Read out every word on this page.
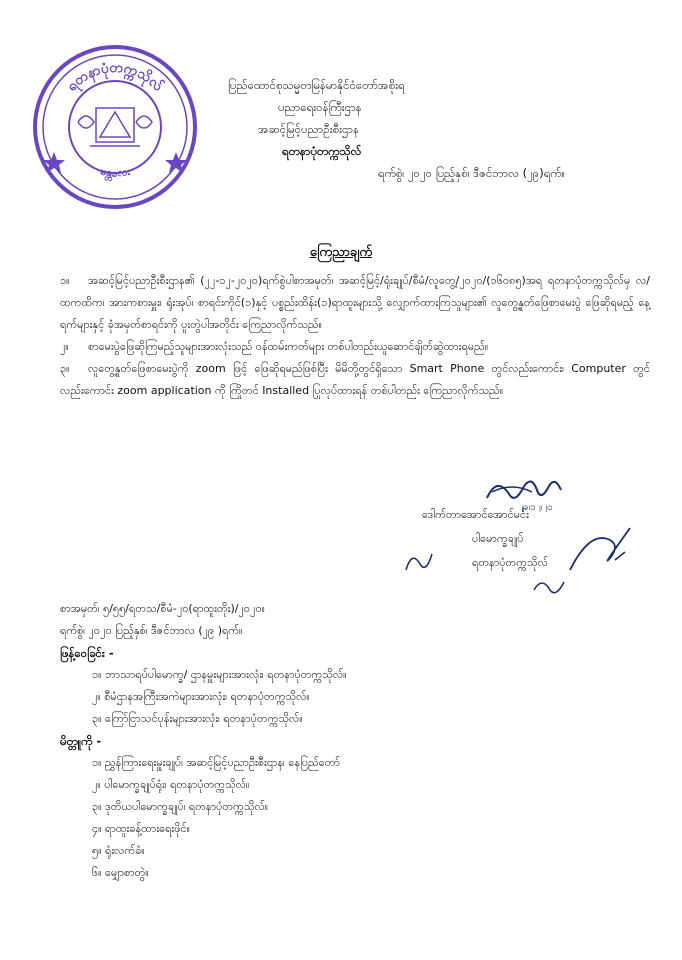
ရတနာပုံတက္ကသိုလ်
မန္တလေး
ပြည်ထောင်စုသမ္မတမြန်မာနိုင်ငံတော်အစိုးရ
ပညာရေးဝန်ကြီးဌာန
အဆင့်မြင့်ပညာဦးစီးဌာန
ရတနာပုံတက္ကသိုလ်
ရက်စွဲ၊ ၂၀၂၀ ပြည့်နှစ်၊ ဒီဇင်ဘာလ (၂၉)ရက်။
ကြေညာချက်

၁။ အဆင့်မြင့်ပညာဦးစီးဌာန၏ (၂၂-၁၂-၂၀၂၀)ရက်စွဲပါစာအမှတ်၊ အဆင့်မြင့်/ရုံးချုပ်/စီမံ/လူတွေ့/၂၀၂၀/(၁၆၀၈၅)အရ ရတနာပုံတက္ကသိုလ်မှ လ/ထကထိက၊ အားကစားမှူး၊ ရုံးအုပ်၊ စာရင်းကိုင်(၁)နှင့် ပစ္စည်းထိန်း(၁)ရာထူးများသို့ လျှောက်ထားကြသူများ၏ လူတွေ့နှုတ်ဖြေစာမေးပွဲ ဖြေဆိုရမည့် နေ့ရက်များနှင့် ခုံအမှတ်စာရင်းကို ပူးတွဲပါအတိုင်း ကြေညာလိုက်သည်။

၂။ စာမေးပွဲဖြေဆိုကြမည့်သူများအားလုံးသည် ဝန်ထမ်းကတ်များ တစ်ပါတည်းယူဆောင်ချိတ်ဆွဲထားရမည်။

၃။ လူတွေ့နှုတ်ဖြေစာမေးပွဲကို zoom ဖြင့် ဖြေဆိုရမည်ဖြစ်ပြီး မိမိတို့တွင်ရှိသော Smart Phone တွင်လည်းကောင်း၊ Computer တွင်လည်းကောင်း zoom application ကို ကြိုတင် Installed ပြုလုပ်ထားရန် တစ်ပါတည်း ကြေညာလိုက်သည်။

၂၉၊၁၂၊၂၀
ဒေါက်တာအောင်အောင်မင်း
ပါမောက္ခချုပ်
ရတနာပုံတက္ကသိုလ်
စာအမှတ်၊ ၅/၅၅/ရတသ/စီမံ-၂၀(ရာထူးတိုး)/၂၀၂၀။
ရက်စွဲ၊ ၂၀၂၀ ပြည့်နှစ်၊ ဒီဇင်ဘာလ (၂၉ )ရက်။
ဖြန့်ဝေခြင်း -
၁။ ဘာသာရပ်ပါမောက္ခ/ ဌာနမှူးများအားလုံး၊ ရတနာပုံတက္ကသိုလ်။
၂။ စီမံဌာနအကြီးအကဲများအားလုံး၊ ရတနာပုံတက္ကသိုလ်။
၃။ ကြော်ငြာသင်ပုန်းများအားလုံး၊ ရတနာပုံတက္ကသိုလ်။
မိတ္တူကို -
၁။ ညွှန်ကြားရေးမှူးချုပ်၊ အဆင့်မြင့်ပညာဦးစီးဌာန၊ နေပြည်တော်
၂။ ပါမောက္ခချုပ်ရုံး၊ ရတနာပုံတက္ကသိုလ်။
၃။ ဒုတိယပါမောက္ခချုပ်၊ ရတနာပုံတက္ကသိုလ်။
၄။ ရာထူးခန့်ထားရေးဖိုင်။
၅။ ရုံးလက်ခံ။
၆။ မျှောစာတွဲ။
